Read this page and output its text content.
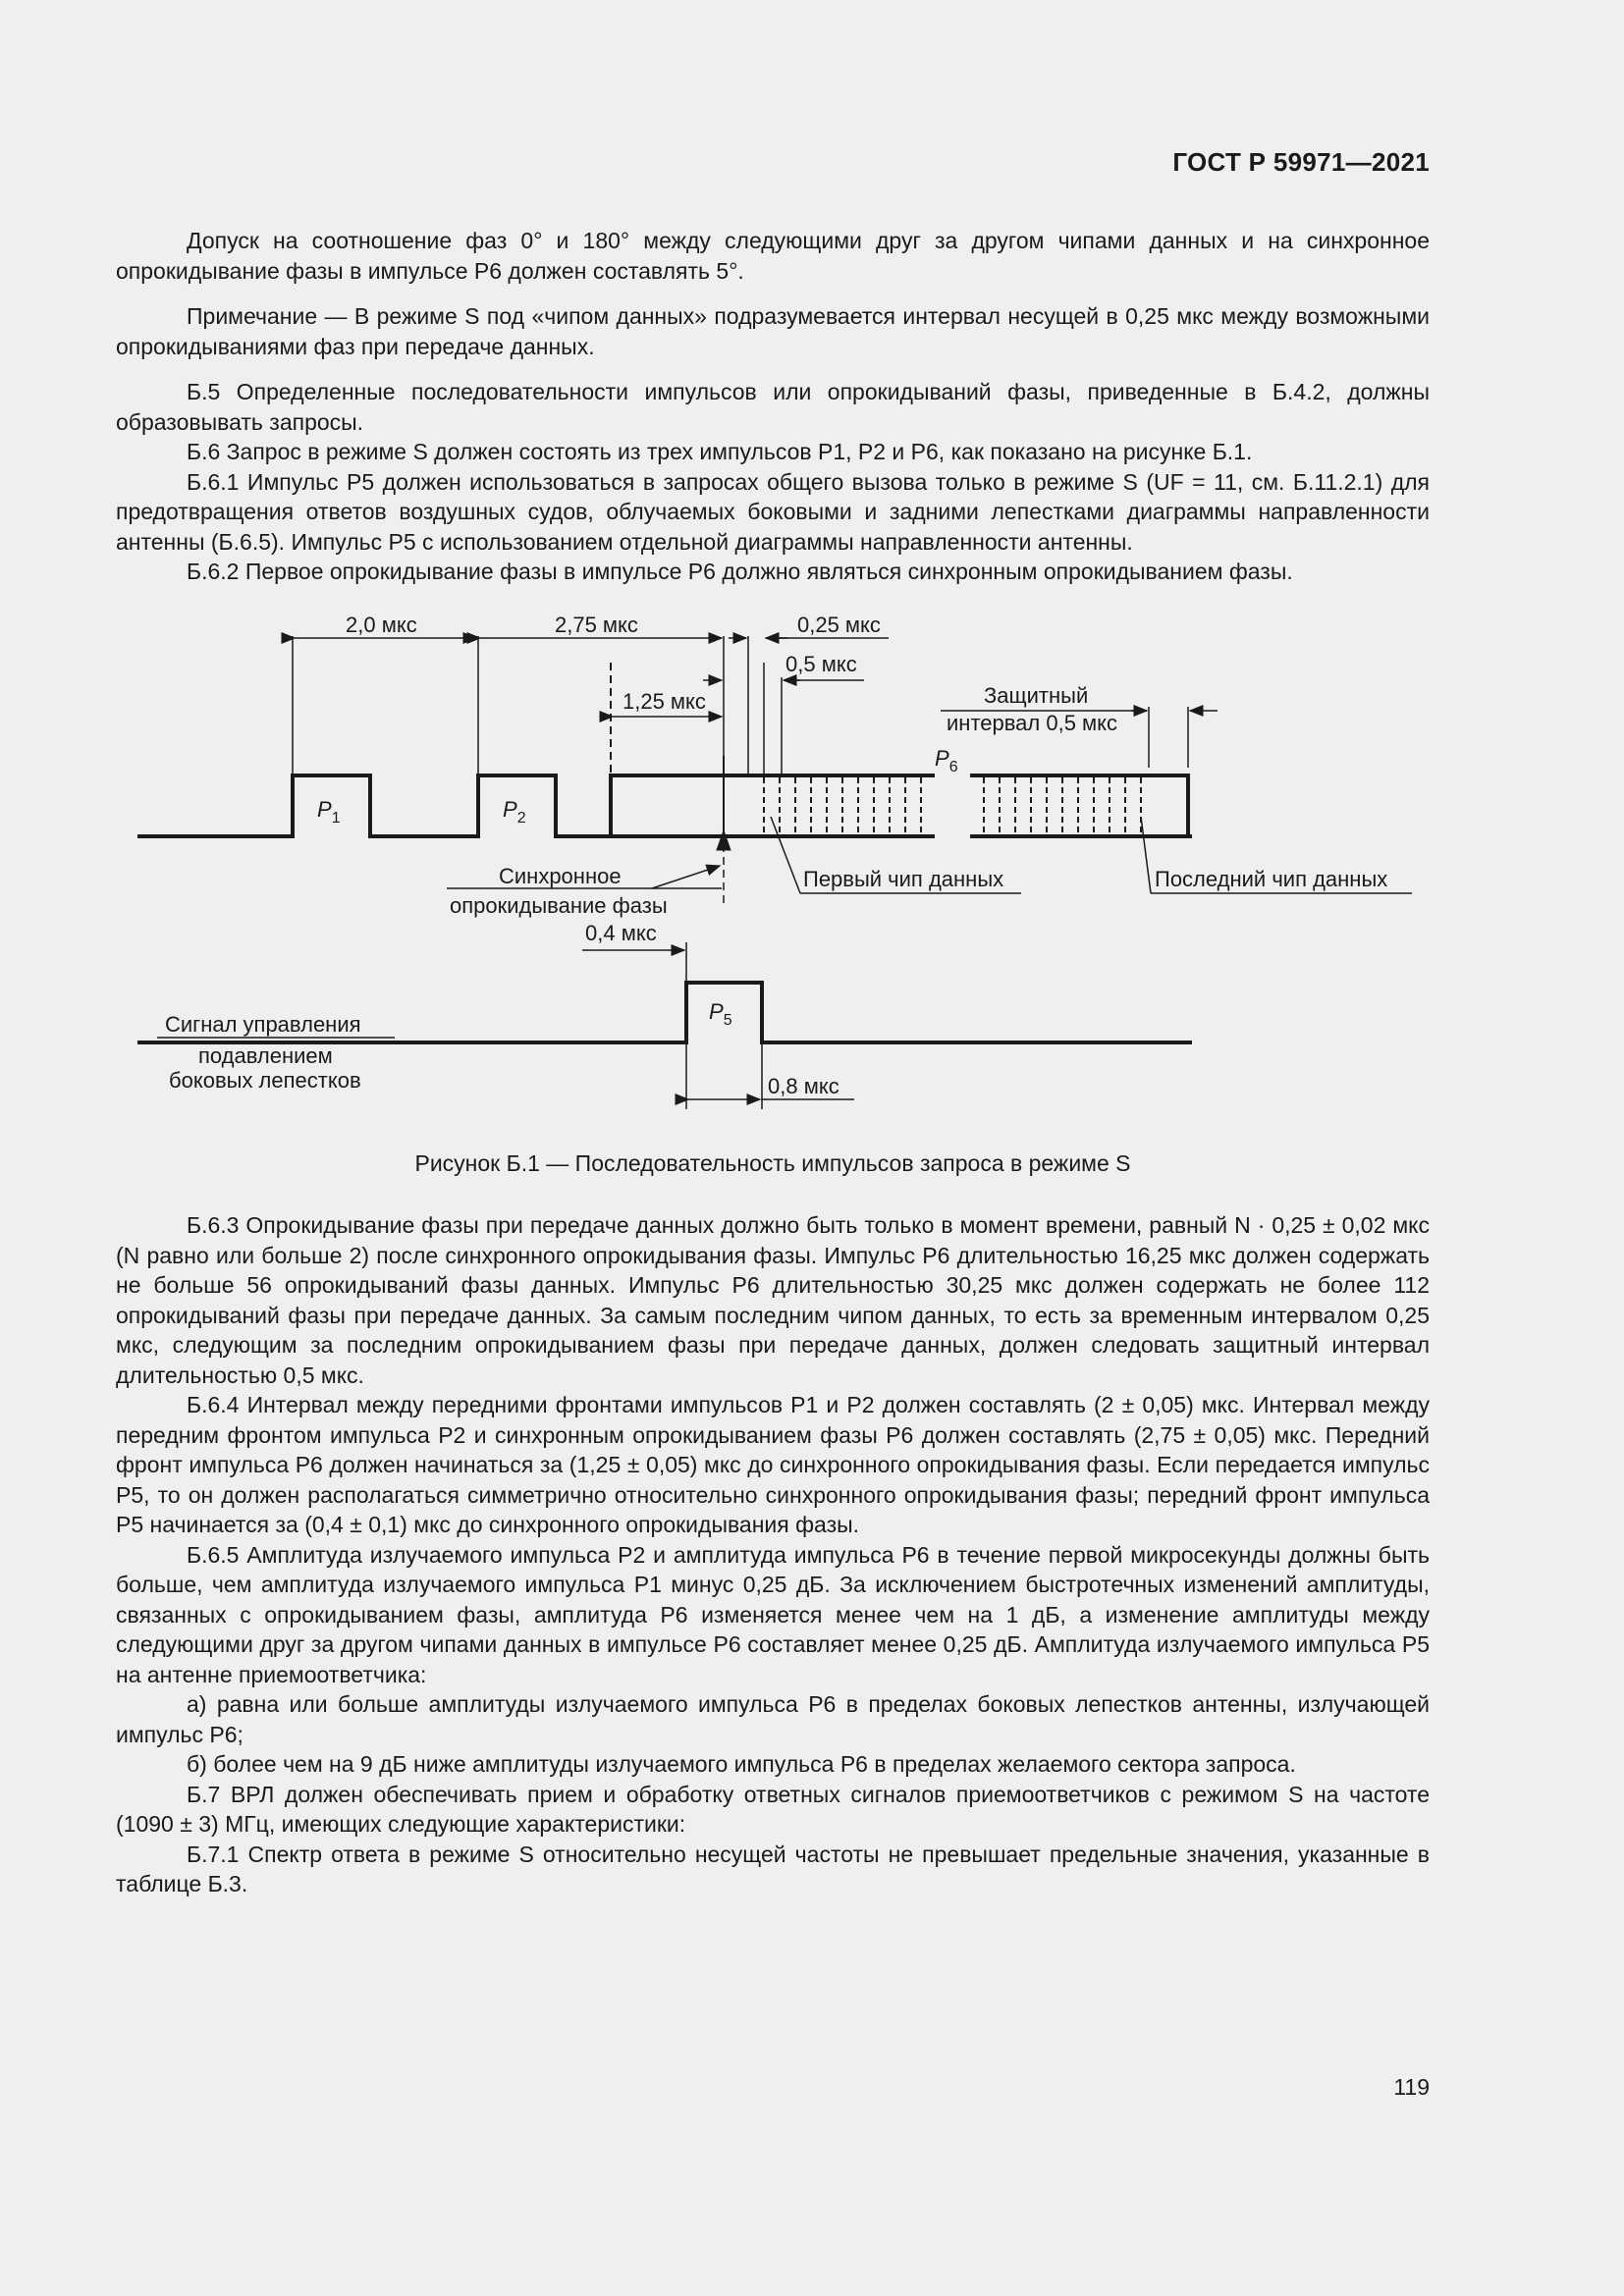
ГОСТ Р 59971—2021

Допуск на соотношение фаз 0° и 180° между следующими друг за другом чипами данных и на синхронное опрокидывание фазы в импульсе P6 должен составлять 5°.

Примечание — В режиме S под «чипом данных» подразумевается интервал несущей в 0,25 мкс между возможными опрокидываниями фаз при передаче данных.

Б.5 Определенные последовательности импульсов или опрокидываний фазы, приведенные в Б.4.2, должны образовывать запросы.

Б.6 Запрос в режиме S должен состоять из трех импульсов P1, P2 и P6, как показано на рисунке Б.1.

Б.6.1 Импульс P5 должен использоваться в запросах общего вызова только в режиме S (UF = 11, см. Б.11.2.1) для предотвращения ответов воздушных судов, облучаемых боковыми и задними лепестками диаграммы направленности антенны (Б.6.5). Импульс P5 с использованием отдельной диаграммы направленности антенны.

Б.6.2 Первое опрокидывание фазы в импульсе P6 должно являться синхронным опрокидыванием фазы.

2,0 мкс	2,75 мкс	0,25 мкс
0,5 мкс
1,25 мкс	Защитный
интервал 0,5 мкс
$P_1$	$P_2$
$P_6$
$P_5$
Синхронное
опрокидывание фазы
Первый чип данных	Последний чип данных
0,4 мкс
0,8 мкс
Сигнал управления
подавлением
боковых лепестков
Рисунок Б.1 — Последовательность импульсов запроса в режиме S

Б.6.3 Опрокидывание фазы при передаче данных должно быть только в момент времени, равный N · 0,25 ± 0,02 мкс (N равно или больше 2) после синхронного опрокидывания фазы. Импульс P6 длительностью 16,25 мкс должен содержать не больше 56 опрокидываний фазы данных. Импульс P6 длительностью 30,25 мкс должен содержать не более 112 опрокидываний фазы при передаче данных. За самым последним чипом данных, то есть за временным интервалом 0,25 мкс, следующим за последним опрокидыванием фазы при передаче данных, должен следовать защитный интервал длительностью 0,5 мкс.

Б.6.4 Интервал между передними фронтами импульсов P1 и P2 должен составлять (2 ± 0,05) мкс. Интервал между передним фронтом импульса P2 и синхронным опрокидыванием фазы P6 должен составлять (2,75 ± 0,05) мкс. Передний фронт импульса P6 должен начинаться за (1,25 ± 0,05) мкс до синхронного опрокидывания фазы. Если передается импульс P5, то он должен располагаться симметрично относительно синхронного опрокидывания фазы; передний фронт импульса P5 начинается за (0,4 ± 0,1) мкс до синхронного опрокидывания фазы.

Б.6.5 Амплитуда излучаемого импульса P2 и амплитуда импульса P6 в течение первой микросекунды должны быть больше, чем амплитуда излучаемого импульса P1 минус 0,25 дБ. За исключением быстротечных изменений амплитуды, связанных с опрокидыванием фазы, амплитуда P6 изменяется менее чем на 1 дБ, а изменение амплитуды между следующими друг за другом чипами данных в импульсе P6 составляет менее 0,25 дБ. Амплитуда излучаемого импульса P5 на антенне приемоответчика:

а) равна или больше амплитуды излучаемого импульса P6 в пределах боковых лепестков антенны, излучающей импульс P6;

б) более чем на 9 дБ ниже амплитуды излучаемого импульса P6 в пределах желаемого сектора запроса.

Б.7 ВРЛ должен обеспечивать прием и обработку ответных сигналов приемоответчиков с режимом S на частоте (1090 ± 3) МГц, имеющих следующие характеристики:

Б.7.1 Спектр ответа в режиме S относительно несущей частоты не превышает предельные значения, указанные в таблице Б.3.

119
